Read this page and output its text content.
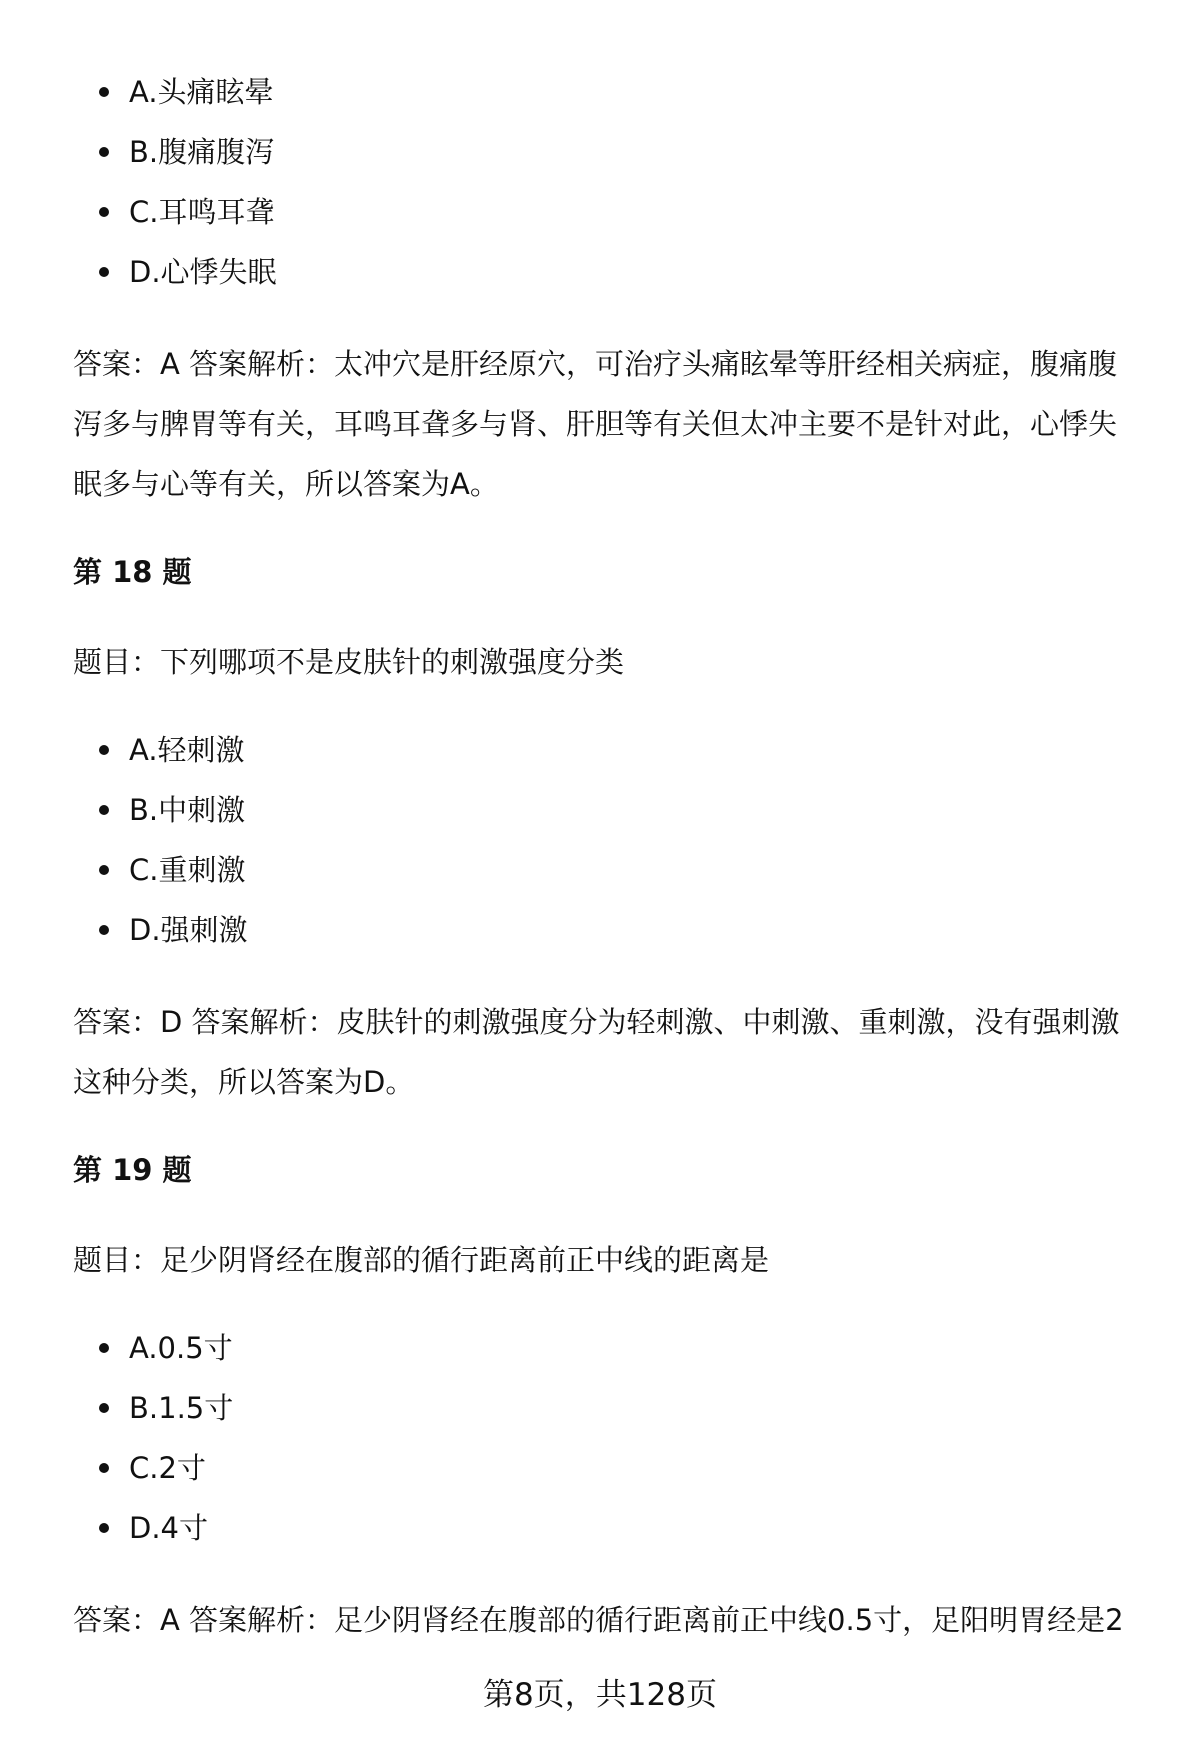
A.头痛眩晕
B.腹痛腹泻
C.耳鸣耳聋
D.心悸失眠

答案：A 答案解析：太冲穴是肝经原穴，可治疗头痛眩晕等肝经相关病症，腹痛腹

泻多与脾胃等有关，耳鸣耳聋多与肾、肝胆等有关但太冲主要不是针对此，心悸失

眠多与心等有关，所以答案为A。

第 18 题

题目：下列哪项不是皮肤针的刺激强度分类

A.轻刺激
B.中刺激
C.重刺激
D.强刺激

答案：D 答案解析：皮肤针的刺激强度分为轻刺激、中刺激、重刺激，没有强刺激

这种分类，所以答案为D。

第 19 题

题目：足少阴肾经在腹部的循行距离前正中线的距离是

A.0.5寸
B.1.5寸
C.2寸
D.4寸

答案：A 答案解析：足少阴肾经在腹部的循行距离前正中线0.5寸，足阳明胃经是2

第8页，共128页
